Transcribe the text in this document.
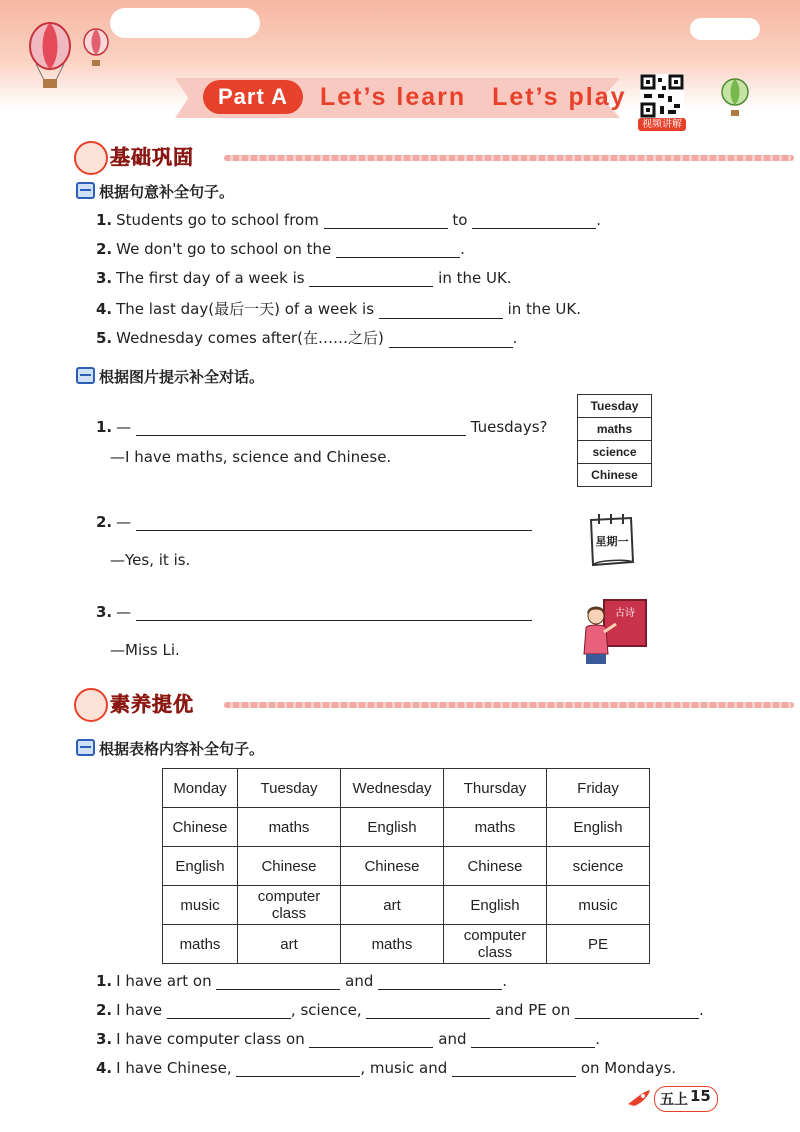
Part A	Let’s learn Let’s play
视频讲解
基础巩固
根据句意补全句子。
1. Students go to school from	to	.
2. We don't go to school on the	.
3. The first day of a week is	in the UK.
4. The last day(最后一天) of a week is	in the UK.
5. Wednesday comes after(在……之后)	.
根据图片提示补全对话。
1. —	Tuesdays?
—I have maths, science and Chinese.
Tuesday
maths
science
Chinese
2. —
—Yes, it is.
星期一
3. —
—Miss Li.
古诗
素养提优
根据表格内容补全句子。
Monday	Tuesday	Wednesday	Thursday	Friday
Chinese	maths	English	maths	English
English	Chinese	Chinese	Chinese	science
music	computer class	art	English	music
maths	art	maths	computer class	PE
1. I have art on	and	.
2. I have	, science,	and PE on	.
3. I have computer class on	and	.
4. I have Chinese,	, music and	on Mondays.
五上 15
